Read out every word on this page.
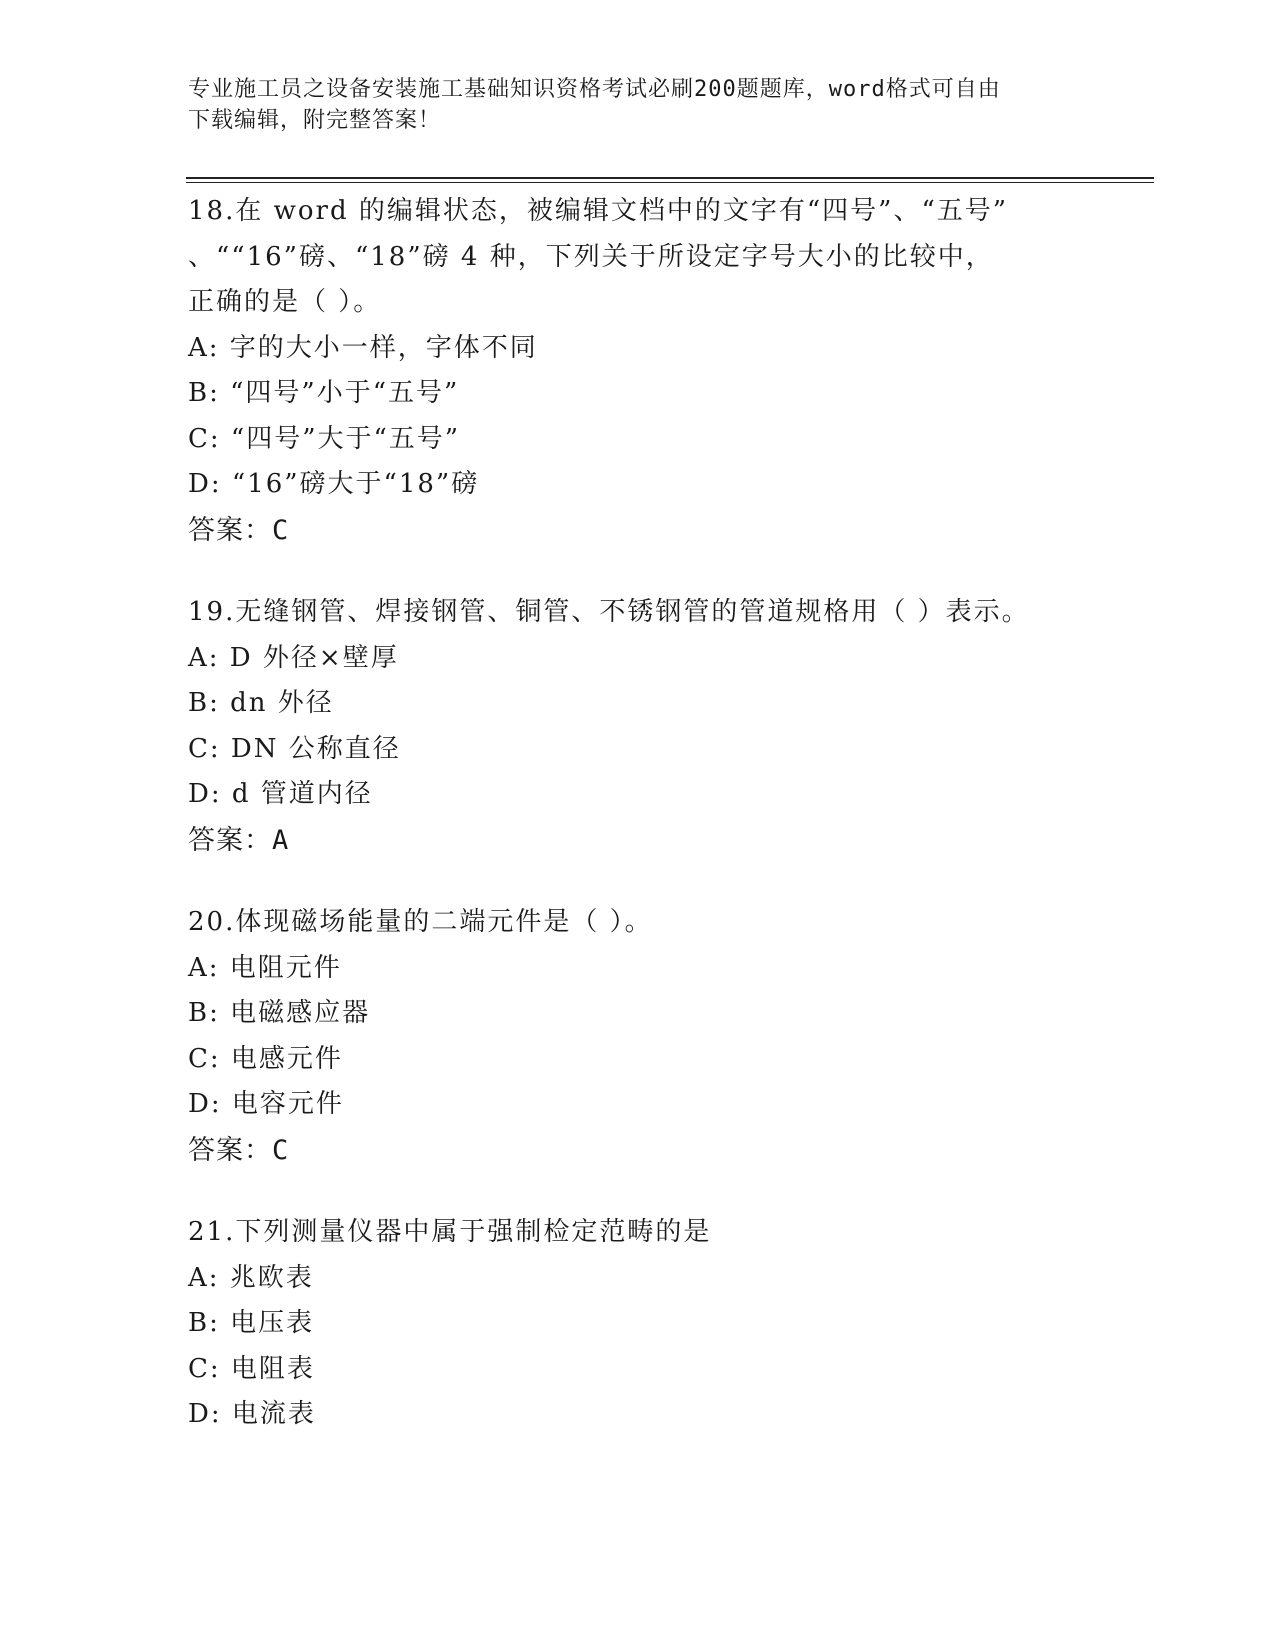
专业施工员之设备安装施工基础知识资格考试必刷200题题库，word格式可自由
下载编辑，附完整答案！
18.在 word 的编辑状态，被编辑文档中的文字有“四号”、“五号”
、““16”磅、“18”磅 4 种，下列关于所设定字号大小的比较中，
正确的是（ ）。
A: 字的大小一样，字体不同
B: “四号”小于“五号”
C: “四号”大于“五号”
D: “16”磅大于“18”磅
答案：C
19.无缝钢管、焊接钢管、铜管、不锈钢管的管道规格用（ ）表示。
A: D 外径×壁厚
B: dn 外径
C: DN 公称直径
D: d 管道内径
答案：A
20.体现磁场能量的二端元件是（ ）。
A: 电阻元件
B: 电磁感应器
C: 电感元件
D: 电容元件
答案：C
21.下列测量仪器中属于强制检定范畴的是
A: 兆欧表
B: 电压表
C: 电阻表
D: 电流表
